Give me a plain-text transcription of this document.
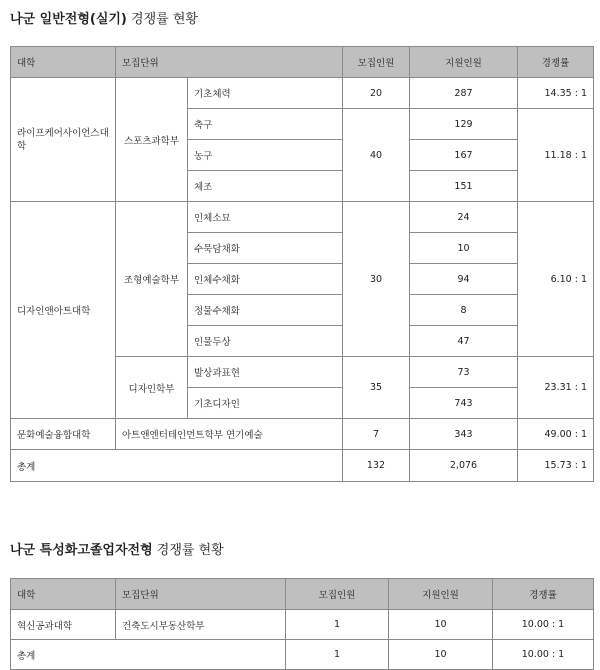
나군 일반전형(실기) 경쟁률 현황
대학	모집단위		모집인원	지원인원	경쟁률
라이프케어사이언스대학	스포츠과학부	기초체력	20	287	14.35 : 1
		축구	40	129	11.18 : 1
		농구		167	
		체조		151	
디자인앤아트대학	조형예술학부	인체소묘	30	24	6.10 : 1
		수묵담채화		10	
		인체수채화		94	
		정물수채화		8	
		인물두상		47	
	디자인학부	발상과표현	35	73	23.31 : 1
		기초디자인		743	
문화예술융합대학	아트앤엔터테인먼트학부 연기예술		7	343	49.00 : 1
총계			132	2,076	15.73 : 1
나군 특성화고졸업자전형 경쟁률 현황
대학	모집단위	모집인원	지원인원	경쟁률
혁신공과대학	건축도시부동산학부	1	10	10.00 : 1
총계		1	10	10.00 : 1
